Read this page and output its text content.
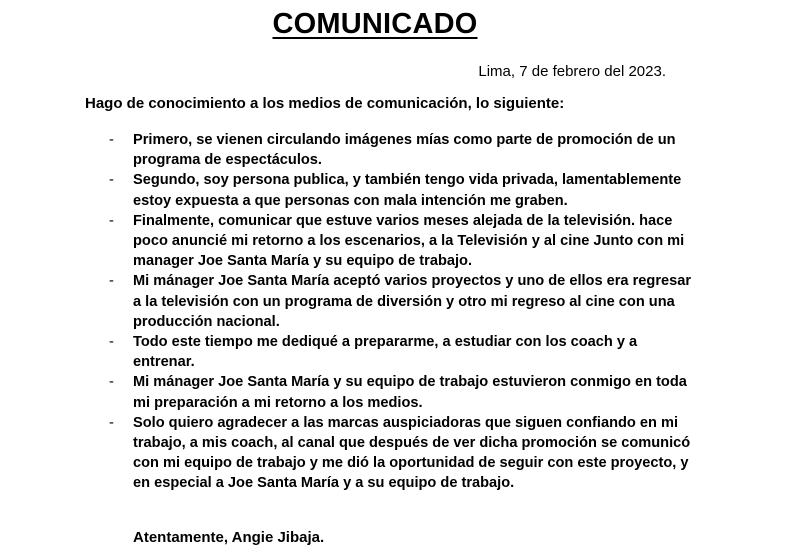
COMUNICADO
Lima, 7 de febrero del 2023.
Hago de conocimiento a los medios de comunicación, lo siguiente:
- Primero, se vienen circulando imágenes mías como parte de promoción de un programa de espectáculos.
- Segundo, soy persona publica, y también tengo vida privada, lamentablemente estoy expuesta a que personas con mala intención me graben.
- Finalmente, comunicar que estuve varios meses alejada de la televisión. hace poco anuncié mi retorno a los escenarios, a la Televisión y al cine Junto con mi manager Joe Santa María y su equipo de trabajo.
- Mi mánager Joe Santa María aceptó varios proyectos y uno de ellos era regresar a la televisión con un programa de diversión y otro mi regreso al cine con una producción nacional.
- Todo este tiempo me dediqué a prepararme, a estudiar con los coach y a entrenar.
- Mi mánager Joe Santa María y su equipo de trabajo estuvieron conmigo en toda mi preparación a mi retorno a los medios.
- Solo quiero agradecer a las marcas auspiciadoras que siguen confiando en mi trabajo, a mis coach, al canal que después de ver dicha promoción se comunicó con mi equipo de trabajo y me dió la oportunidad de seguir con este proyecto, y en especial a Joe Santa María y a su equipo de trabajo.
Atentamente, Angie Jibaja.
